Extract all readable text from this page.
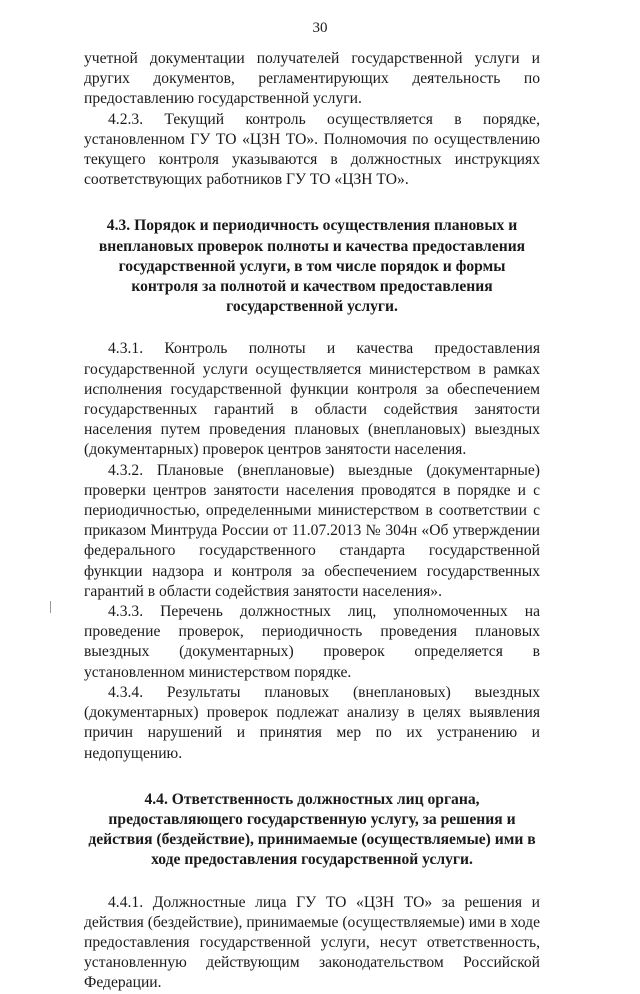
30

учетной документации получателей государственной услуги и других документов, регламентирующих деятельность по предоставлению государственной услуги.

4.2.3. Текущий контроль осуществляется в порядке, установленном ГУ ТО «ЦЗН ТО». Полномочия по осуществлению текущего контроля указываются в должностных инструкциях соответствующих работников ГУ ТО «ЦЗН ТО».

4.3. Порядок и периодичность осуществления плановых и внеплановых проверок полноты и качества предоставления государственной услуги, в том числе порядок и формы контроля за полнотой и качеством предоставления государственной услуги.

4.3.1. Контроль полноты и качества предоставления государственной услуги осуществляется министерством в рамках исполнения государственной функции контроля за обеспечением государственных гарантий в области содействия занятости населения путем проведения плановых (внеплановых) выездных (документарных) проверок центров занятости населения.

4.3.2. Плановые (внеплановые) выездные (документарные) проверки центров занятости населения проводятся в порядке и с периодичностью, определенными министерством в соответствии с приказом Минтруда России от 11.07.2013 № 304н «Об утверждении федерального государственного стандарта государственной функции надзора и контроля за обеспечением государственных гарантий в области содействия занятости населения».

4.3.3. Перечень должностных лиц, уполномоченных на проведение проверок, периодичность проведения плановых выездных (документарных) проверок определяется в установленном министерством порядке.

4.3.4. Результаты плановых (внеплановых) выездных (документарных) проверок подлежат анализу в целях выявления причин нарушений и принятия мер по их устранению и недопущению.

4.4. Ответственность должностных лиц органа, предоставляющего государственную услугу, за решения и действия (бездействие), принимаемые (осуществляемые) ими в ходе предоставления государственной услуги.

4.4.1. Должностные лица ГУ ТО «ЦЗН ТО» за решения и действия (бездействие), принимаемые (осуществляемые) ими в ходе предоставления государственной услуги, несут ответственность, установленную действующим законодательством Российской Федерации.
